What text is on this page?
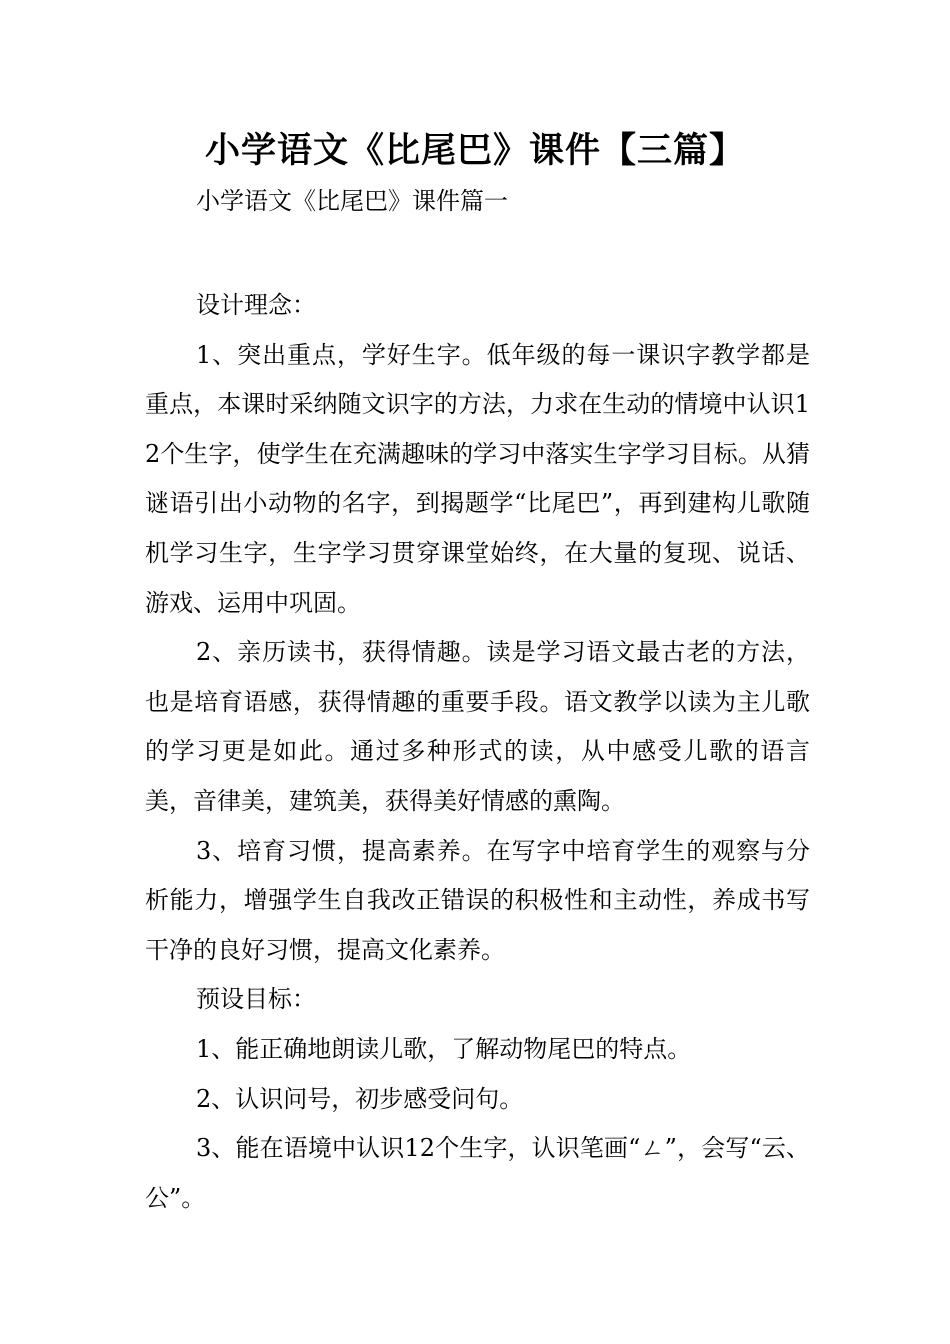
小学语文《比尾巴》课件【三篇】

小学语文《比尾巴》课件篇一

设计理念：

1、突出重点，学好生字。低年级的每一课识字教学都是重点，本课时采纳随文识字的方法，力求在生动的情境中认识12个生字，使学生在充满趣味的学习中落实生字学习目标。从猜谜语引出小动物的名字，到揭题学“比尾巴”，再到建构儿歌随机学习生字，生字学习贯穿课堂始终，在大量的复现、说话、游戏、运用中巩固。

2、亲历读书，获得情趣。读是学习语文最古老的方法，也是培育语感，获得情趣的重要手段。语文教学以读为主儿歌的学习更是如此。通过多种形式的读，从中感受儿歌的语言美，音律美，建筑美，获得美好情感的熏陶。

3、培育习惯，提高素养。在写字中培育学生的观察与分析能力，增强学生自我改正错误的积极性和主动性，养成书写干净的良好习惯，提高文化素养。

预设目标：

1、能正确地朗读儿歌，了解动物尾巴的特点。

2、认识问号，初步感受问句。

3、能在语境中认识12个生字，认识笔画“ㄥ”，会写“云、公”。
